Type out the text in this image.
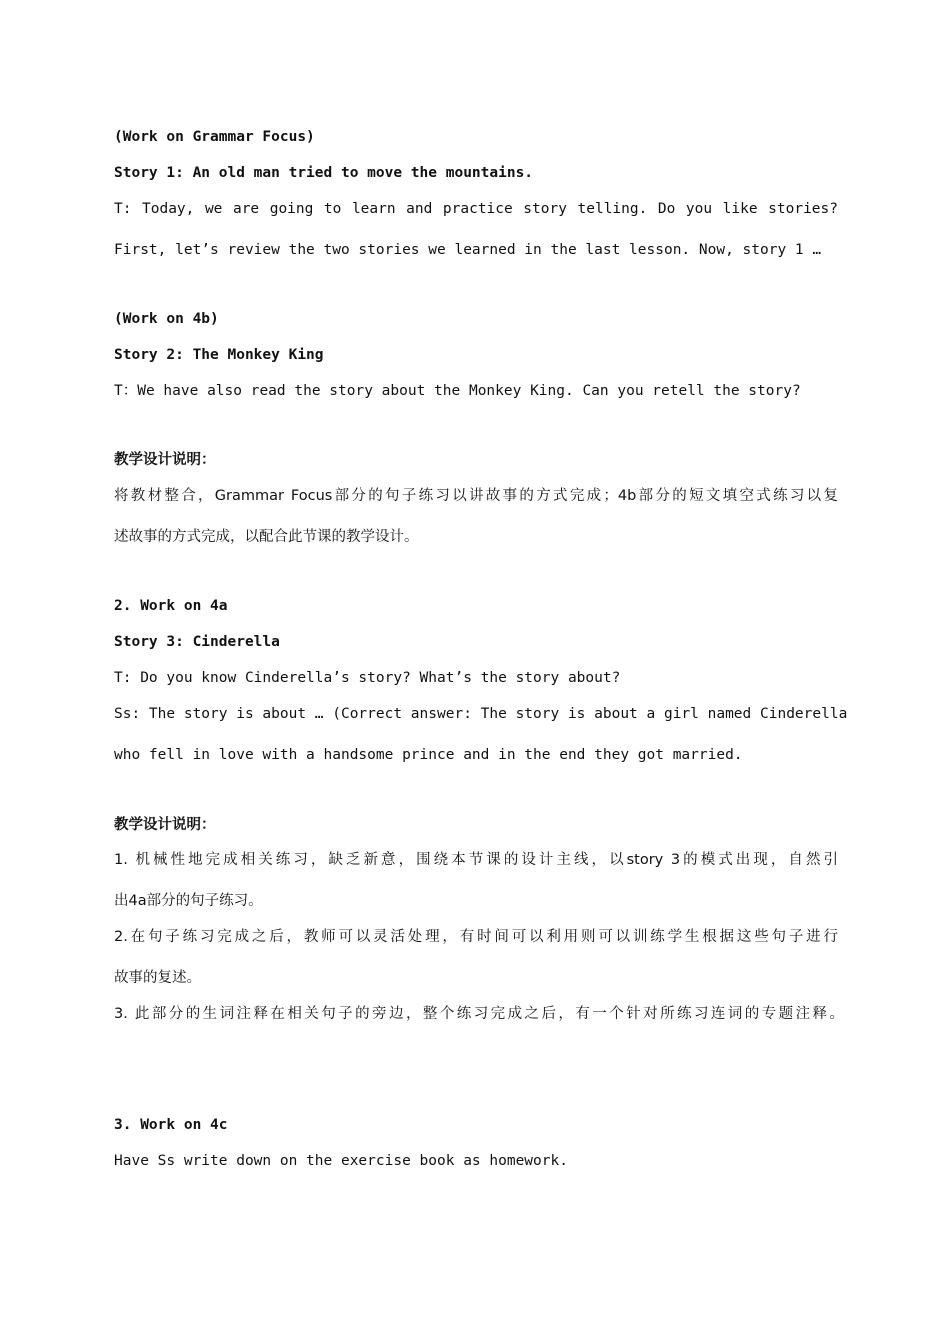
(Work on Grammar Focus)
Story 1: An old man tried to move the mountains.
T: Today, we are going to learn and practice story telling. Do you like stories?
First, let’s review the two stories we learned in the last lesson. Now, story 1 …
(Work on 4b)
Story 2: The Monkey King
T：We have also read the story about the Monkey King. Can you retell the story?
教学设计说明：
将教材整合，Grammar Focus部分的句子练习以讲故事的方式完成；4b部分的短文填空式练习以复
述故事的方式完成，以配合此节课的教学设计。
2. Work on 4a
Story 3: Cinderella
T: Do you know Cinderella’s story? What’s the story about?
Ss: The story is about … (Correct answer: The story is about a girl named Cinderella
who fell in love with a handsome prince and in the end they got married.
教学设计说明：
1. 机械性地完成相关练习，缺乏新意，围绕本节课的设计主线，以story 3的模式出现，自然引
出4a部分的句子练习。
2.在句子练习完成之后，教师可以灵活处理，有时间可以利用则可以训练学生根据这些句子进行
故事的复述。
3. 此部分的生词注释在相关句子的旁边，整个练习完成之后，有一个针对所练习连词的专题注释。
3. Work on 4c
Have Ss write down on the exercise book as homework.
